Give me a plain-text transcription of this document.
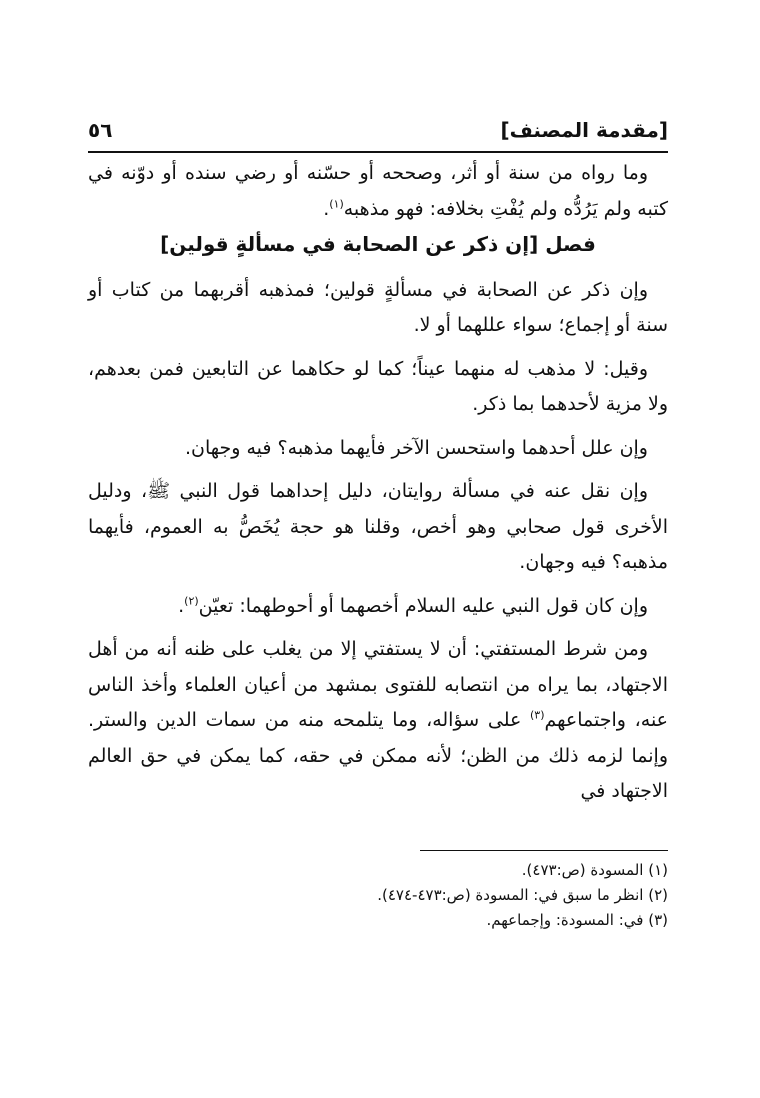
٥٦	[مقدمة المصنف]

وما رواه من سنة أو أثر، وصححه أو حسّنه أو رضي سنده أو دوّنه في كتبه ولم يَرُدُّه ولم يُفْتِ بخلافه: فهو مذهبه$^{(١)}$.

فصل [إن ذكر عن الصحابة في مسألةٍ قولين]

وإن ذكر عن الصحابة في مسألةٍ قولين؛ فمذهبه أقربهما من كتاب أو سنة أو إجماع؛ سواء عللهما أو لا.

وقيل: لا مذهب له منهما عيناً؛ كما لو حكاهما عن التابعين فمن بعدهم، ولا مزية لأحدهما بما ذكر.

وإن علل أحدهما واستحسن الآخر فأيهما مذهبه؟ فيه وجهان.

وإن نقل عنه في مسألة روايتان، دليل إحداهما قول النبي ﷺ، ودليل الأخرى قول صحابي وهو أخص، وقلنا هو حجة يُخَصُّ به العموم، فأيهما مذهبه؟ فيه وجهان.

وإن كان قول النبي عليه السلام أخصهما أو أحوطهما: تعيّن$^{(٢)}$.

ومن شرط المستفتي: أن لا يستفتي إلا من يغلب على ظنه أنه من أهل الاجتهاد، بما يراه من انتصابه للفتوى بمشهد من أعيان العلماء وأخذ الناس عنه، واجتماعهم$^{(٣)}$ على سؤاله، وما يتلمحه منه من سمات الدين والستر. وإنما لزمه ذلك من الظن؛ لأنه ممكن في حقه، كما يمكن في حق العالم الاجتهاد في

(١) المسودة (ص:٤٧٣).

(٢) انظر ما سبق في: المسودة (ص:٤٧٣-٤٧٤).

(٣) في: المسودة: وإجماعهم.
